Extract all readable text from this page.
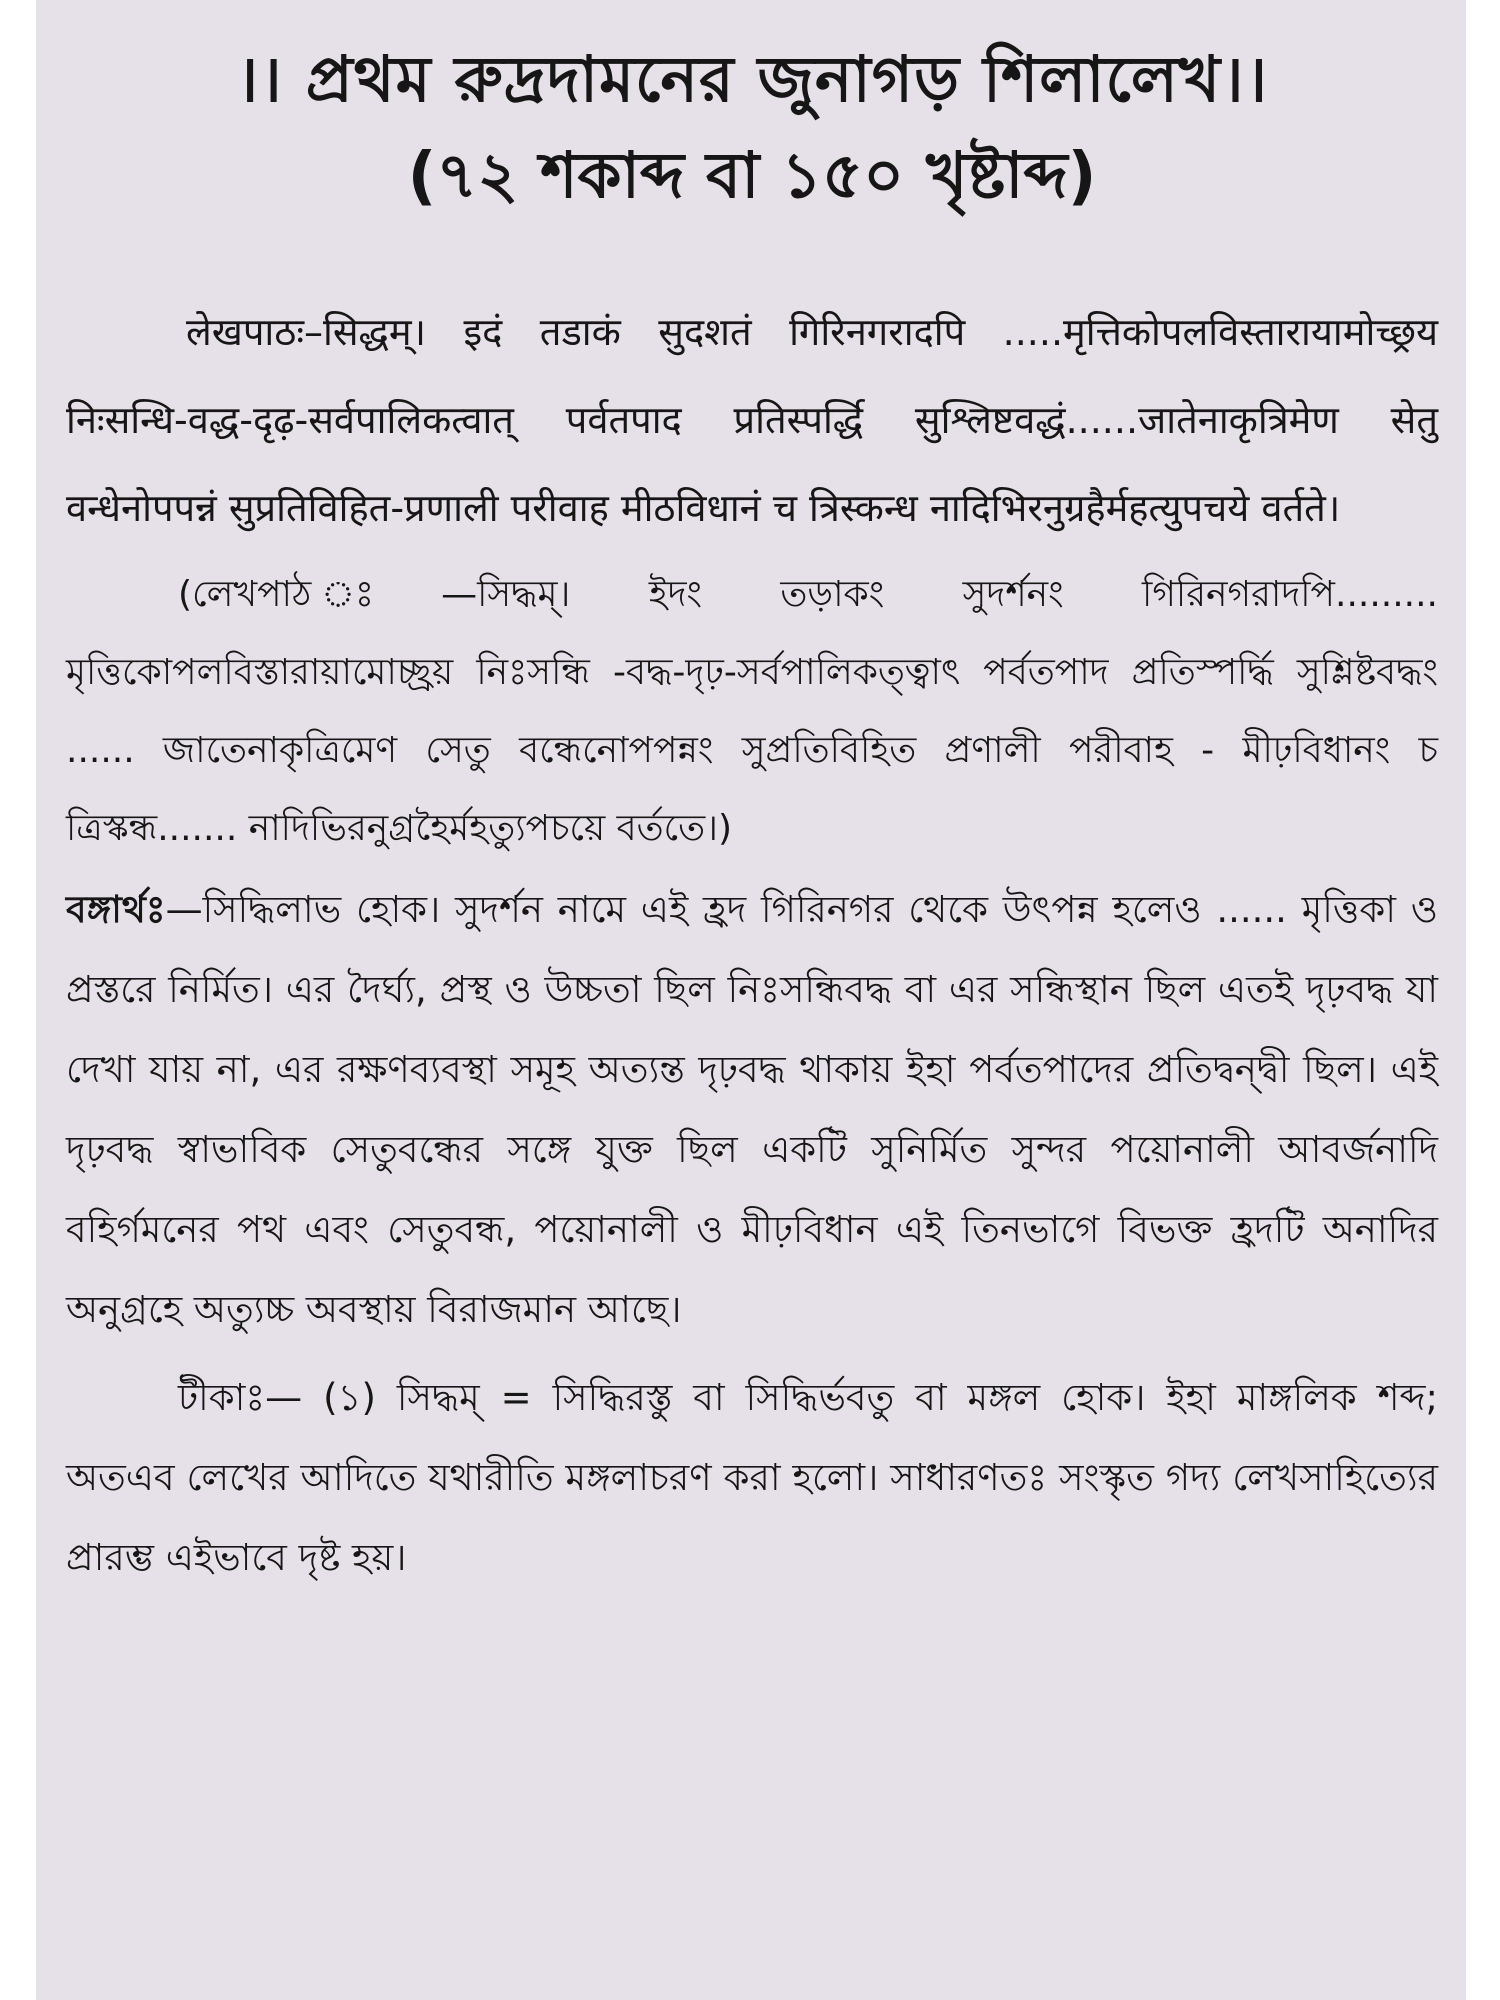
।। প্রথম রুদ্রদামনের জুনাগড় শিলালেখ।।
(৭২ শকাব্দ বা ১৫০ খৃষ্টাব্দ)

लेखपाठः–सिद्धम्। इदं तडाकं सुदशतं गिरिनगरादपि .....मृत्तिकोपलविस्तारायामोच्छ्रय निःसन्धि-वद्ध-दृढ़-सर्वपालिकत्वात् पर्वतपाद प्रतिस्पर्द्धि सुश्लिष्टवद्धं......जातेनाकृत्रिमेण सेतु वन्धेनोपपन्नं सुप्रतिविहित-प्रणाली परीवाह मीठविधानं च त्रिस्कन्ध नादिभिरनुग्रहैर्महत्युपचये वर्तते।

(লেখপাঠ ঃ—সিদ্ধম্। ইদং তড়াকং সুদর্শনং গিরিনগরাদপি......... মৃত্তিকোপলবিস্তারায়ামোচ্ছ্রয় নিঃসন্ধি -বদ্ধ-দৃঢ়-সর্বপালিকত্ত্বাৎ পর্বতপাদ প্রতিস্পর্দ্ধি সুশ্লিষ্টবদ্ধং ...... জাতেনাকৃত্রিমেণ সেতু বন্ধেনোপপন্নং সুপ্রতিবিহিত প্রণালী পরীবাহ - মীঢ়বিধানং চ ত্রিস্কন্ধ....... নাদিভিরনুগ্রহৈর্মহত্যুপচয়ে বর্ততে।)

বঙ্গার্থঃ—সিদ্ধিলাভ হোক। সুদর্শন নামে এই হ্রদ গিরিনগর থেকে উৎপন্ন হলেও ...... মৃত্তিকা ও প্রস্তরে নির্মিত। এর দৈর্ঘ্য, প্রস্থ ও উচ্চতা ছিল নিঃসন্ধিবদ্ধ বা এর সন্ধিস্থান ছিল এতই দৃঢ়বদ্ধ যা দেখা যায় না, এর রক্ষণব্যবস্থা সমূহ অত্যন্ত দৃঢ়বদ্ধ থাকায় ইহা পর্বতপাদের প্রতিদ্বন্দ্বী ছিল। এই দৃঢ়বদ্ধ স্বাভাবিক সেতুবন্ধের সঙ্গে যুক্ত ছিল একটি সুনির্মিত সুন্দর পয়োনালী আবর্জনাদি বহির্গমনের পথ এবং সেতুবন্ধ, পয়োনালী ও মীঢ়বিধান এই তিনভাগে বিভক্ত হ্রদটি অনাদির অনুগ্রহে অত্যুচ্চ অবস্থায় বিরাজমান আছে।

টীকাঃ— (১) সিদ্ধম্ = সিদ্ধিরস্তু বা সিদ্ধির্ভবতু বা মঙ্গল হোক। ইহা মাঙ্গলিক শব্দ; অতএব লেখের আদিতে যথারীতি মঙ্গলাচরণ করা হলো। সাধারণতঃ সংস্কৃত গদ্য লেখসাহিত্যের প্রারম্ভ এইভাবে দৃষ্ট হয়।
